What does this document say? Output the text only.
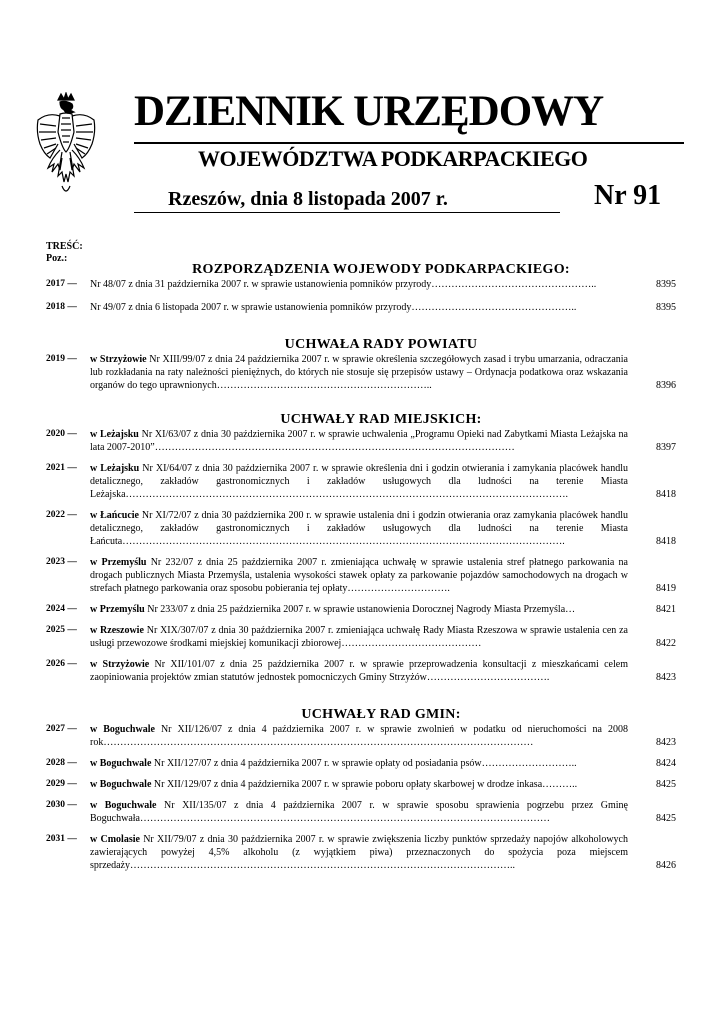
DZIENNIK URZĘDOWY
WOJEWÓDZTWA PODKARPACKIEGO
Rzeszów, dnia 8 listopada 2007 r.	Nr 91
TREŚĆ:
Poz.:
ROZPORZĄDZENIA WOJEWODY PODKARPACKIEGO:
2017 —	Nr 48/07 z dnia 31 października 2007 r. w sprawie ustanowienia pomników przyrody…………………………………………..	8395
2018 —	Nr 49/07 z dnia 6 listopada 2007 r. w sprawie ustanowienia pomników przyrody…………………………………………..	8395
UCHWAŁA RADY POWIATU
2019 —	w Strzyżowie Nr XIII/99/07 z dnia 24 października 2007 r. w sprawie określenia szczegółowych zasad i trybu umarzania, odraczania lub rozkładania na raty należności pieniężnych, do których nie stosuje się przepisów ustawy – Ordynacja podatkowa oraz wskazania organów do tego uprawnionych………………………………………………………..	8396
UCHWAŁY RAD MIEJSKICH:
2020 —	w Leżajsku Nr XI/63/07 z dnia 30 października 2007 r. w sprawie uchwalenia „Programu Opieki nad Zabytkami Miasta Leżajska na lata 2007-2010”………………………………………………………………………………………………	8397
2021 —	w Leżajsku Nr XI/64/07 z dnia 30 października 2007 r. w sprawie określenia dni i godzin otwierania i zamykania placówek handlu detalicznego, zakładów gastronomicznych i zakładów usługowych dla ludności na terenie Miasta Leżajska…………………………………………………………………………………………………………………….	8418
2022 —	w Łańcucie Nr XI/72/07 z dnia 30 października 200 r. w sprawie ustalenia dni i godzin otwierania oraz zamykania placówek handlu detalicznego, zakładów gastronomicznych i zakładów usługowych dla ludności na terenie Miasta Łańcuta…………………………………………………………………………………………………………………….	8418
2023 —	w Przemyślu Nr 232/07 z dnia 25 października 2007 r. zmieniająca uchwałę w sprawie ustalenia stref płatnego parkowania na drogach publicznych Miasta Przemyśla, ustalenia wysokości stawek opłaty za parkowanie pojazdów samochodowych na drogach w strefach płatnego parkowania oraz sposobu pobierania tej opłaty………………………….	8419
2024 —	w Przemyślu Nr 233/07 z dnia 25 października 2007 r. w sprawie ustanowienia Dorocznej Nagrody Miasta Przemyśla…	8421
2025 —	w Rzeszowie Nr XIX/307/07 z dnia 30 października 2007 r. zmieniająca uchwałę Rady Miasta Rzeszowa w sprawie ustalenia cen za usługi przewozowe środkami miejskiej komunikacji zbiorowej……………………………………	8422
2026 —	w Strzyżowie Nr XII/101/07 z dnia 25 października 2007 r. w sprawie przeprowadzenia konsultacji z mieszkańcami celem zaopiniowania projektów zmian statutów jednostek pomocniczych Gminy Strzyżów……………………………….	8423
UCHWAŁY RAD GMIN:
2027 —	w Boguchwale Nr XII/126/07 z dnia 4 października 2007 r. w sprawie zwolnień w podatku od nieruchomości na 2008 rok…………………………………………………………………………………………………………………	8423
2028 —	w Boguchwale Nr XII/127/07 z dnia 4 października 2007 r. w sprawie opłaty od posiadania psów………………………..	8424
2029 —	w Boguchwale Nr XII/129/07 z dnia 4 października 2007 r. w sprawie poboru opłaty skarbowej w drodze inkasa………..	8425
2030 —	w Boguchwale Nr XII/135/07 z dnia 4 października 2007 r. w sprawie sposobu sprawienia pogrzebu przez Gminę Boguchwała……………………………………………………………………………………………………………	8425
2031 —	w Cmolasie Nr XII/79/07 z dnia 30 października 2007 r. w sprawie zwiększenia liczby punktów sprzedaży napojów alkoholowych zawierających powyżej 4,5% alkoholu (z wyjątkiem piwa) przeznaczonych do spożycia poza miejscem sprzedaży……………………………………………………………………………………………………..	8426
